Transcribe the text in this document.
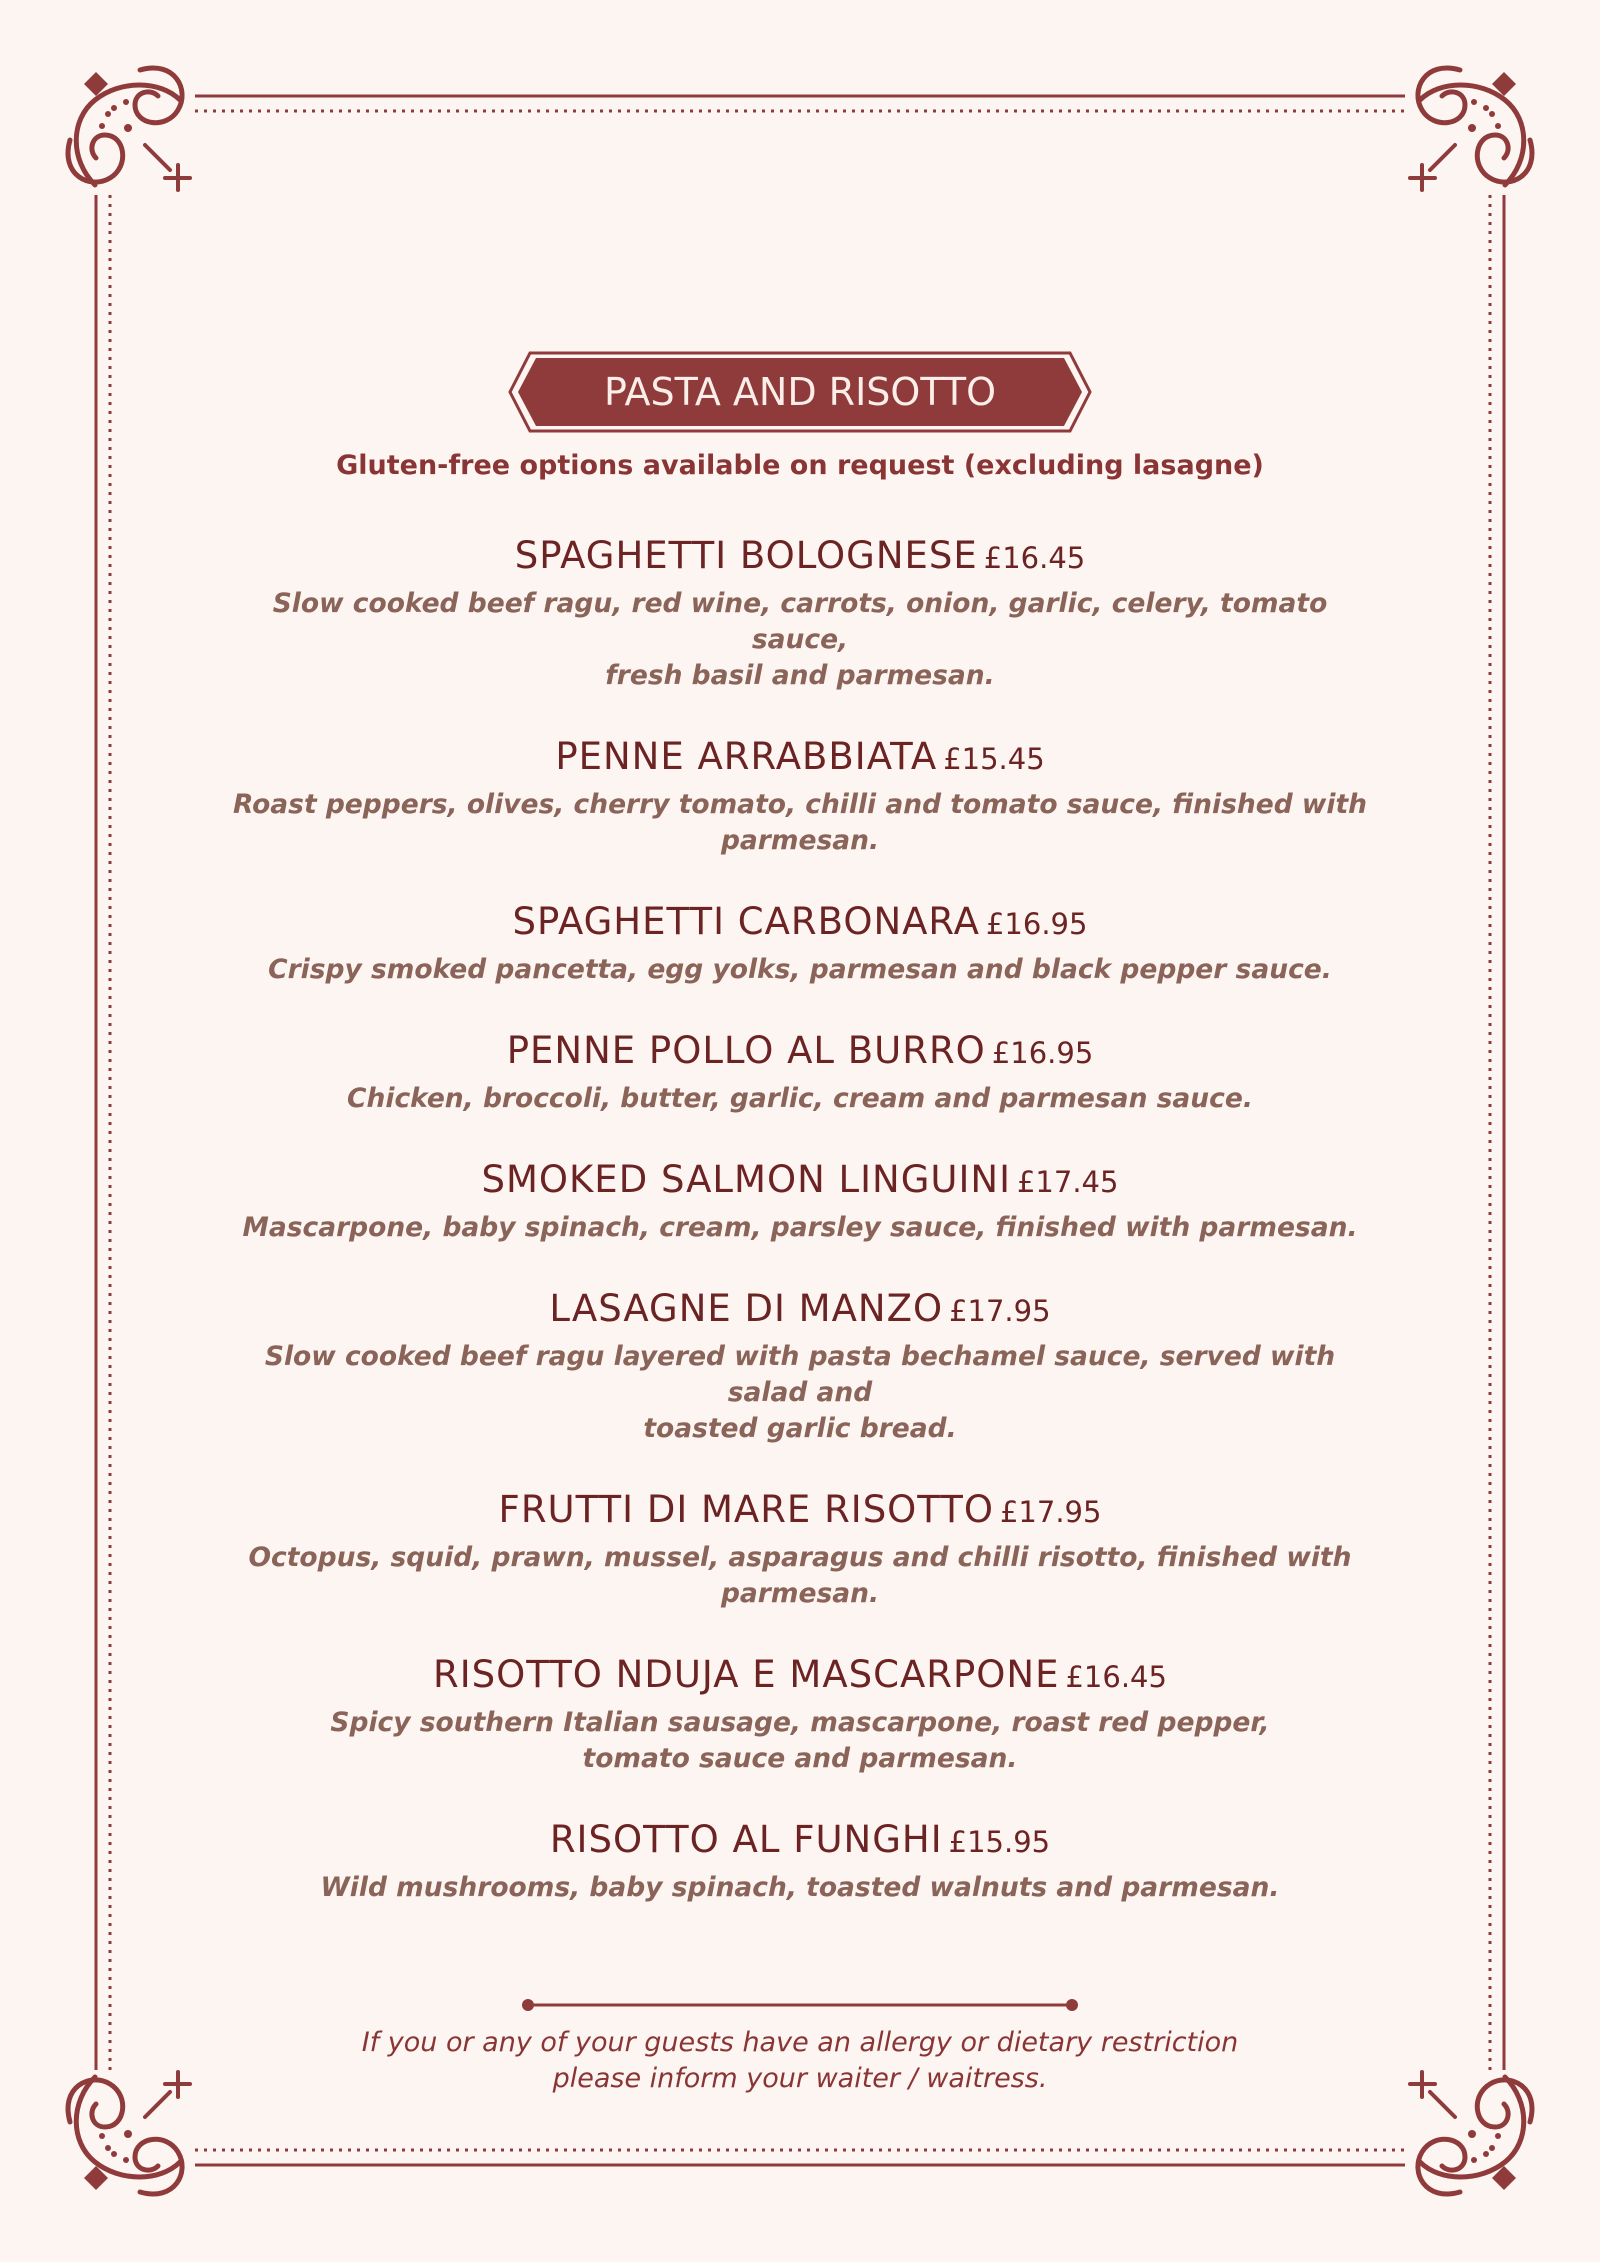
PASTA AND RISOTTO
Gluten-free options available on request (excluding lasagne)
SPAGHETTI BOLOGNESE £16.45
Slow cooked beef ragu, red wine, carrots, onion, garlic, celery, tomato sauce,
fresh basil and parmesan.
PENNE ARRABBIATA £15.45
Roast peppers, olives, cherry tomato, chilli and tomato sauce, finished with parmesan.
SPAGHETTI CARBONARA £16.95
Crispy smoked pancetta, egg yolks, parmesan and black pepper sauce.
PENNE POLLO AL BURRO £16.95
Chicken, broccoli, butter, garlic, cream and parmesan sauce.
SMOKED SALMON LINGUINI £17.45
Mascarpone, baby spinach, cream, parsley sauce, finished with parmesan.
LASAGNE DI MANZO £17.95
Slow cooked beef ragu layered with pasta bechamel sauce, served with salad and
toasted garlic bread.
FRUTTI DI MARE RISOTTO £17.95
Octopus, squid, prawn, mussel, asparagus and chilli risotto, finished with parmesan.
RISOTTO NDUJA E MASCARPONE £16.45
Spicy southern Italian sausage, mascarpone, roast red pepper,
tomato sauce and parmesan.
RISOTTO AL FUNGHI £15.95
Wild mushrooms, baby spinach, toasted walnuts and parmesan.
If you or any of your guests have an allergy or dietary restriction
please inform your waiter / waitress.
